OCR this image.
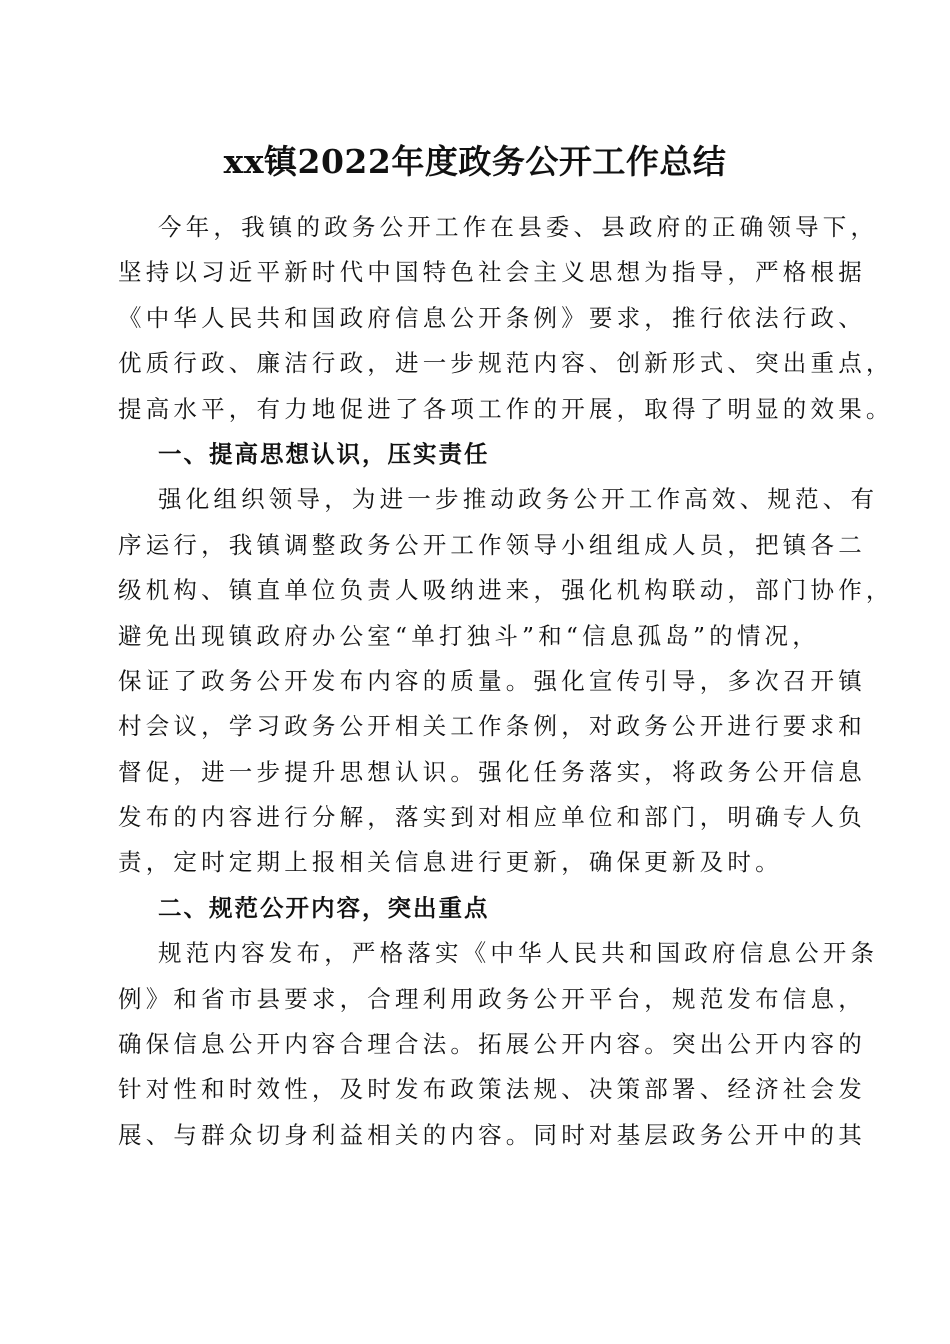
xx镇2022年度政务公开工作总结
今年，我镇的政务公开工作在县委、县政府的正确领导下，
坚持以习近平新时代中国特色社会主义思想为指导，严格根据
《中华人民共和国政府信息公开条例》要求，推行依法行政、
优质行政、廉洁行政，进一步规范内容、创新形式、突出重点，
提高水平，有力地促进了各项工作的开展，取得了明显的效果。
一、提高思想认识，压实责任
强化组织领导，为进一步推动政务公开工作高效、规范、有
序运行，我镇调整政务公开工作领导小组组成人员，把镇各二
级机构、镇直单位负责人吸纳进来，强化机构联动，部门协作，
避免出现镇政府办公室“单打独斗”和“信息孤岛”的情况，
保证了政务公开发布内容的质量。强化宣传引导，多次召开镇
村会议，学习政务公开相关工作条例，对政务公开进行要求和
督促，进一步提升思想认识。强化任务落实，将政务公开信息
发布的内容进行分解，落实到对相应单位和部门，明确专人负
责，定时定期上报相关信息进行更新，确保更新及时。
二、规范公开内容，突出重点
规范内容发布，严格落实《中华人民共和国政府信息公开条
例》和省市县要求，合理利用政务公开平台，规范发布信息，
确保信息公开内容合理合法。拓展公开内容。突出公开内容的
针对性和时效性，及时发布政策法规、决策部署、经济社会发
展、与群众切身利益相关的内容。同时对基层政务公开中的其
